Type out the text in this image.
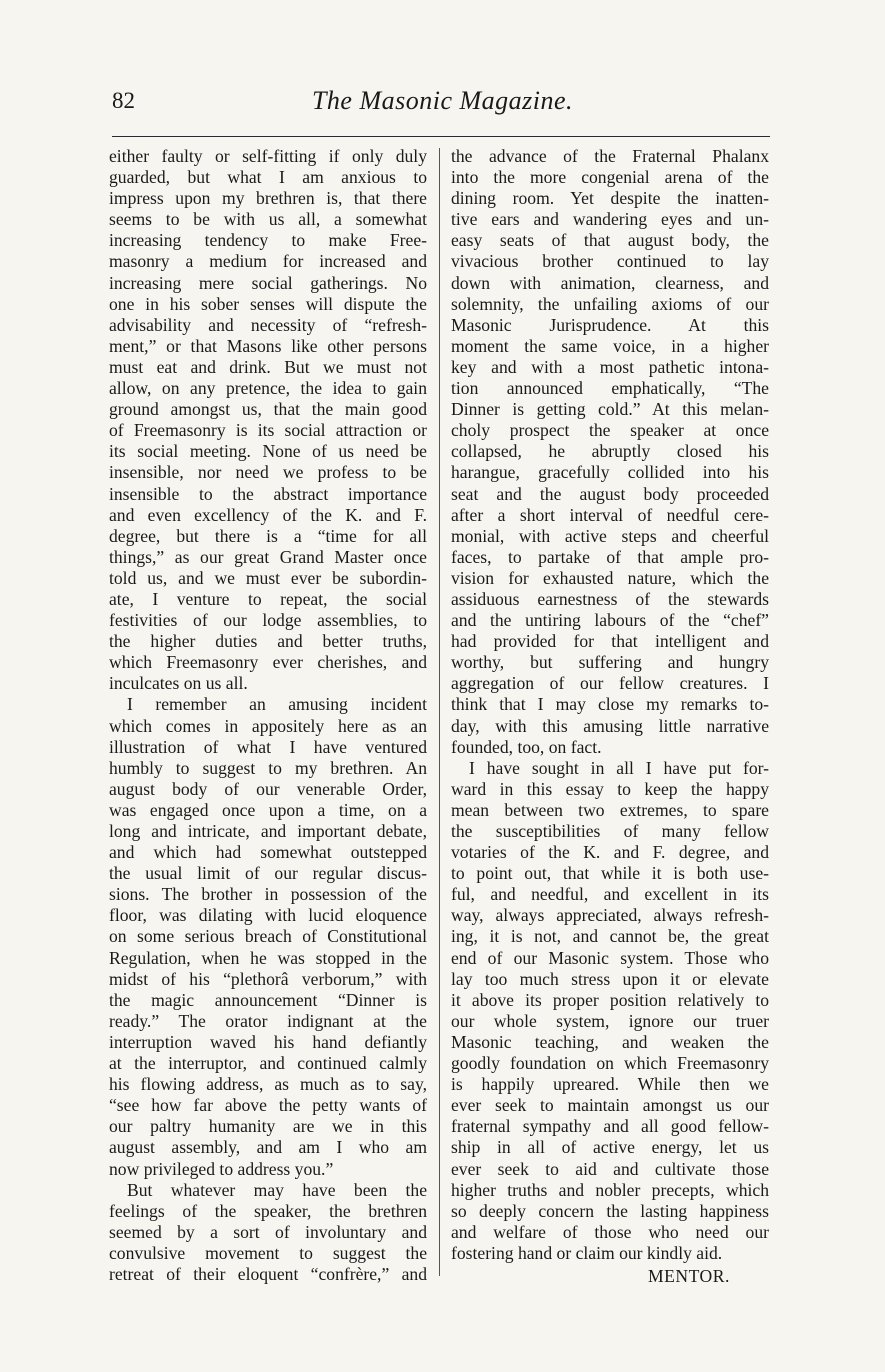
82	The Masonic Magazine.
either faulty or self-fitting if only duly
guarded, but what I am anxious to
impress upon my brethren is, that there
seems to be with us all, a somewhat
increasing tendency to make Free-
masonry a medium for increased and
increasing mere social gatherings. No
one in his sober senses will dispute the
advisability and necessity of “refresh-
ment,” or that Masons like other persons
must eat and drink. But we must not
allow, on any pretence, the idea to gain
ground amongst us, that the main good
of Freemasonry is its social attraction or
its social meeting. None of us need be
insensible, nor need we profess to be
insensible to the abstract importance
and even excellency of the K. and F.
degree, but there is a “time for all
things,” as our great Grand Master once
told us, and we must ever be subordin-
ate, I venture to repeat, the social
festivities of our lodge assemblies, to
the higher duties and better truths,
which Freemasonry ever cherishes, and
inculcates on us all.
I remember an amusing incident
which comes in appositely here as an
illustration of what I have ventured
humbly to suggest to my brethren. An
august body of our venerable Order,
was engaged once upon a time, on a
long and intricate, and important debate,
and which had somewhat outstepped
the usual limit of our regular discus-
sions. The brother in possession of the
floor, was dilating with lucid eloquence
on some serious breach of Constitutional
Regulation, when he was stopped in the
midst of his “plethorâ verborum,” with
the magic announcement “Dinner is
ready.” The orator indignant at the
interruption waved his hand defiantly
at the interruptor, and continued calmly
his flowing address, as much as to say,
“see how far above the petty wants of
our paltry humanity are we in this
august assembly, and am I who am
now privileged to address you.”
But whatever may have been the
feelings of the speaker, the brethren
seemed by a sort of involuntary and
convulsive movement to suggest the
retreat of their eloquent “confrère,” and
the advance of the Fraternal Phalanx
into the more congenial arena of the
dining room. Yet despite the inatten-
tive ears and wandering eyes and un-
easy seats of that august body, the
vivacious brother continued to lay
down with animation, clearness, and
solemnity, the unfailing axioms of our
Masonic Jurisprudence. At this
moment the same voice, in a higher
key and with a most pathetic intona-
tion announced emphatically, “The
Dinner is getting cold.” At this melan-
choly prospect the speaker at once
collapsed, he abruptly closed his
harangue, gracefully collided into his
seat and the august body proceeded
after a short interval of needful cere-
monial, with active steps and cheerful
faces, to partake of that ample pro-
vision for exhausted nature, which the
assiduous earnestness of the stewards
and the untiring labours of the “chef”
had provided for that intelligent and
worthy, but suffering and hungry
aggregation of our fellow creatures. I
think that I may close my remarks to-
day, with this amusing little narrative
founded, too, on fact.
I have sought in all I have put for-
ward in this essay to keep the happy
mean between two extremes, to spare
the susceptibilities of many fellow
votaries of the K. and F. degree, and
to point out, that while it is both use-
ful, and needful, and excellent in its
way, always appreciated, always refresh-
ing, it is not, and cannot be, the great
end of our Masonic system. Those who
lay too much stress upon it or elevate
it above its proper position relatively to
our whole system, ignore our truer
Masonic teaching, and weaken the
goodly foundation on which Freemasonry
is happily upreared. While then we
ever seek to maintain amongst us our
fraternal sympathy and all good fellow-
ship in all of active energy, let us
ever seek to aid and cultivate those
higher truths and nobler precepts, which
so deeply concern the lasting happiness
and welfare of those who need our
fostering hand or claim our kindly aid.
MENTOR.
